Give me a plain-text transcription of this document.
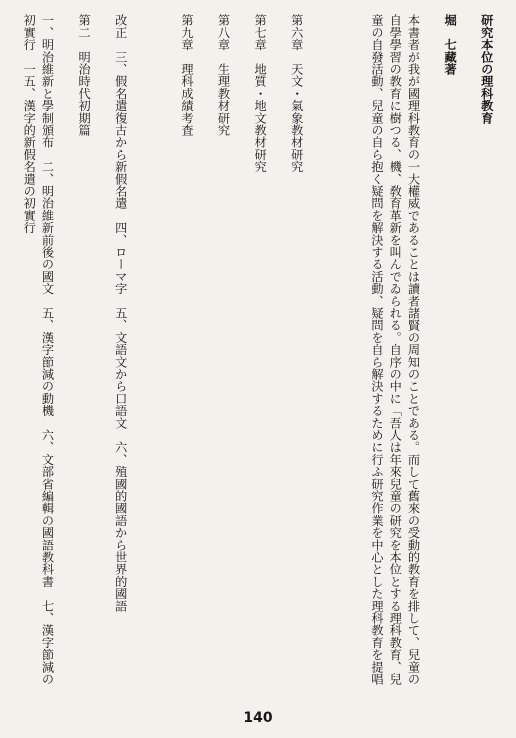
研究本位の理科教育

堀　七藏著

本書者が我が國理科教育の一大權威であることは讀者諸賢の周知のことである。而して舊來の受動的教育を排して、兒童の自學學習の教育に樹つる、機、敎育革新を叫んでゐられる。自序の中に「吾人は年來兒童の研究を本位とする理科教育、兒童の自發活動、兒童の自ら抱く疑問を解決する活動、疑問を自ら解決するために行ふ研究作業を中心とした理科教育を提唱

第六章　天文・氣象教材研究

第七章　地質・地文教材研究

第八章　生理教材研究

第九章　理科成績考査

改正　三、假名遣復古から新假名遣　四、ローマ字　五、文語文から口語文　六、殖國的國語から世界的國語

第二　明治時代初期篇

一、明治維新と學制頒布　二、明治維新前後の國文　五、漢字節減の動機　六、文部省編輯の國語教科書　七、漢字節減の初實行　一五、漢字的新假名遣の初實行

140
